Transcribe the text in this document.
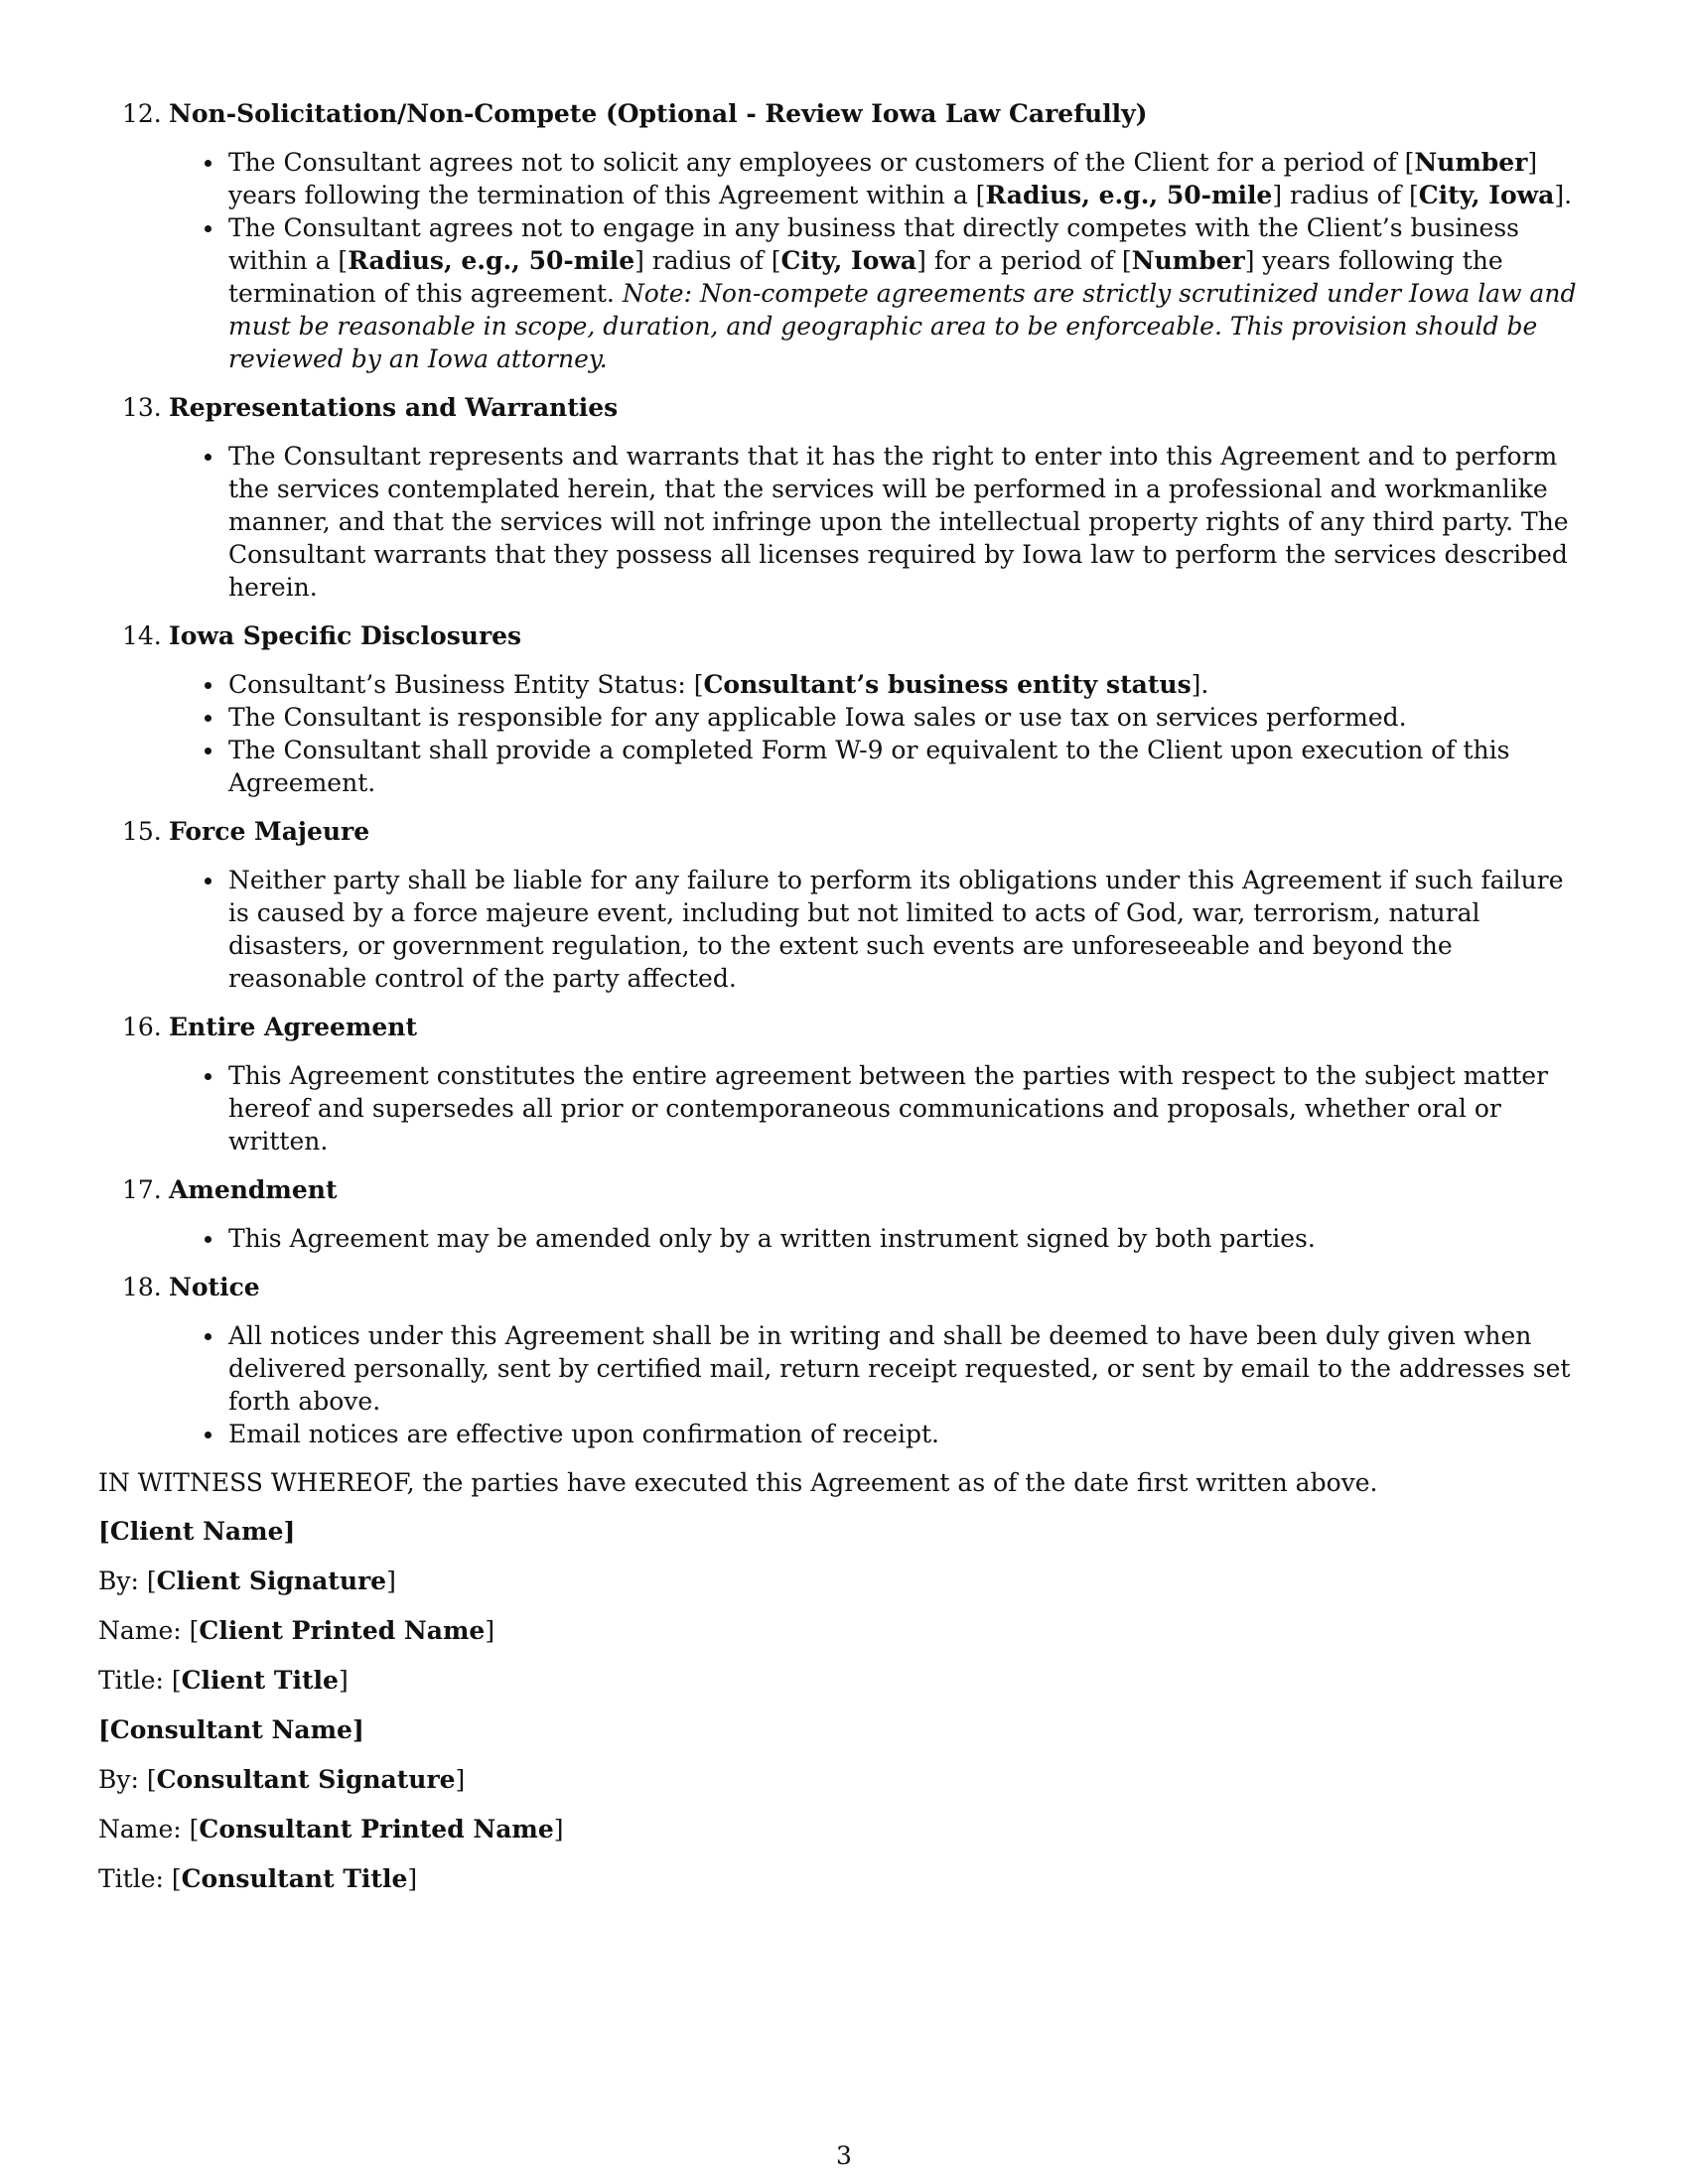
12. Non-Solicitation/Non-Compete (Optional - Review Iowa Law Carefully)
The Consultant agrees not to solicit any employees or customers of the Client for a period of [Number] years following the termination of this Agreement within a [Radius, e.g., 50-mile] radius of [City, Iowa].
The Consultant agrees not to engage in any business that directly competes with the Client’s business within a [Radius, e.g., 50-mile] radius of [City, Iowa] for a period of [Number] years following the termination of this agreement. Note: Non-compete agreements are strictly scrutinized under Iowa law and must be reasonable in scope, duration, and geographic area to be enforceable. This provision should be reviewed by an Iowa attorney.
13. Representations and Warranties
The Consultant represents and warrants that it has the right to enter into this Agreement and to perform the services contemplated herein, that the services will be performed in a professional and workmanlike manner, and that the services will not infringe upon the intellectual property rights of any third party. The Consultant warrants that they possess all licenses required by Iowa law to perform the services described herein.
14. Iowa Specific Disclosures
Consultant’s Business Entity Status: [Consultant’s business entity status].
The Consultant is responsible for any applicable Iowa sales or use tax on services performed.
The Consultant shall provide a completed Form W-9 or equivalent to the Client upon execution of this Agreement.
15. Force Majeure
Neither party shall be liable for any failure to perform its obligations under this Agreement if such failure is caused by a force majeure event, including but not limited to acts of God, war, terrorism, natural disasters, or government regulation, to the extent such events are unforeseeable and beyond the reasonable control of the party affected.
16. Entire Agreement
This Agreement constitutes the entire agreement between the parties with respect to the subject matter hereof and supersedes all prior or contemporaneous communications and proposals, whether oral or written.
17. Amendment
This Agreement may be amended only by a written instrument signed by both parties.
18. Notice
All notices under this Agreement shall be in writing and shall be deemed to have been duly given when delivered personally, sent by certified mail, return receipt requested, or sent by email to the addresses set forth above.
Email notices are effective upon confirmation of receipt.

IN WITNESS WHEREOF, the parties have executed this Agreement as of the date first written above.

[Client Name]

By: [Client Signature]

Name: [Client Printed Name]

Title: [Client Title]

[Consultant Name]

By: [Consultant Signature]

Name: [Consultant Printed Name]

Title: [Consultant Title]

3
